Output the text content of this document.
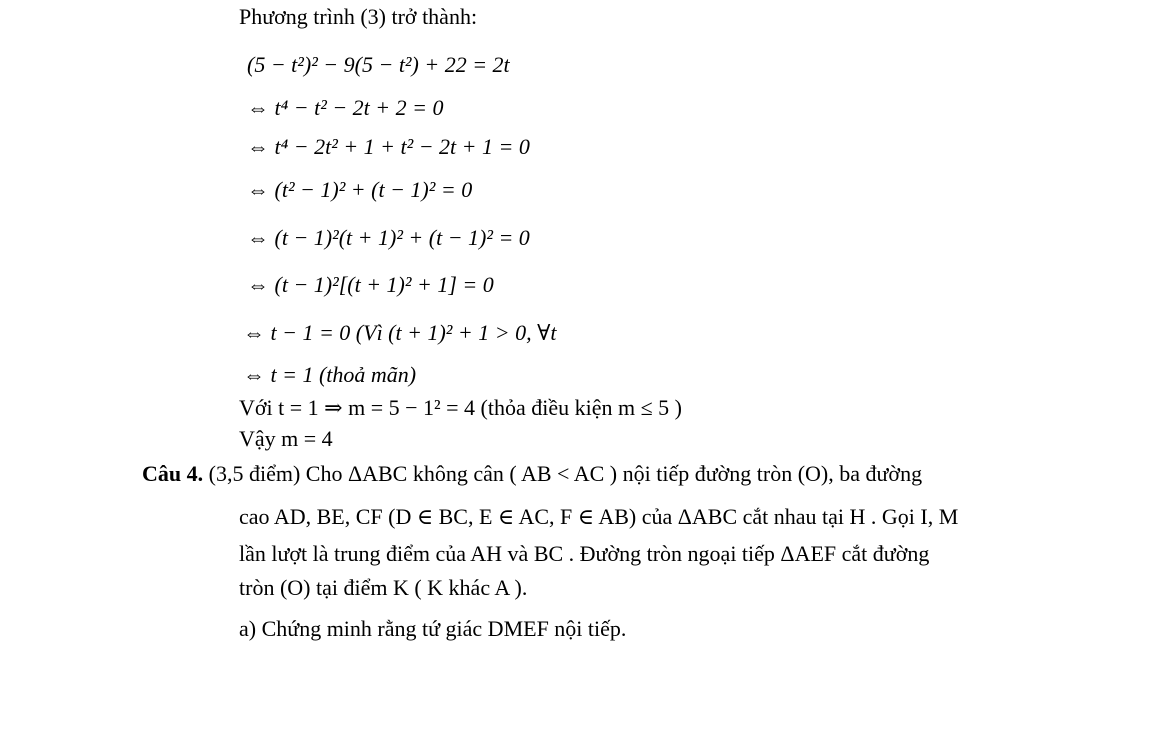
Phương trình (3) trở thành:
(5 − t²)² − 9(5 − t²) + 22 = 2t
⇔ t⁴ − t² − 2t + 2 = 0
⇔ t⁴ − 2t² + 1 + t² − 2t + 1 = 0
⇔ (t² − 1)² + (t − 1)² = 0
⇔ (t − 1)²(t + 1)² + (t − 1)² = 0
⇔ (t − 1)²[(t + 1)² + 1] = 0
⇔ t − 1 = 0 (Vì (t + 1)² + 1 > 0, ∀t
⇔ t = 1 (thoả mãn)
Với t = 1 ⇒ m = 5 − 1² = 4 (thỏa điều kiện m ≤ 5 )
Vậy m = 4
Câu 4. (3,5 điểm) Cho ΔABC không cân ( AB < AC ) nội tiếp đường tròn (O), ba đường
cao AD, BE, CF (D ∈ BC, E ∈ AC, F ∈ AB) của ΔABC cắt nhau tại H . Gọi I, M
lần lượt là trung điểm của AH và BC . Đường tròn ngoại tiếp ΔAEF cắt đường
tròn (O) tại điểm K ( K khác A ).
a) Chứng minh rằng tứ giác DMEF nội tiếp.
